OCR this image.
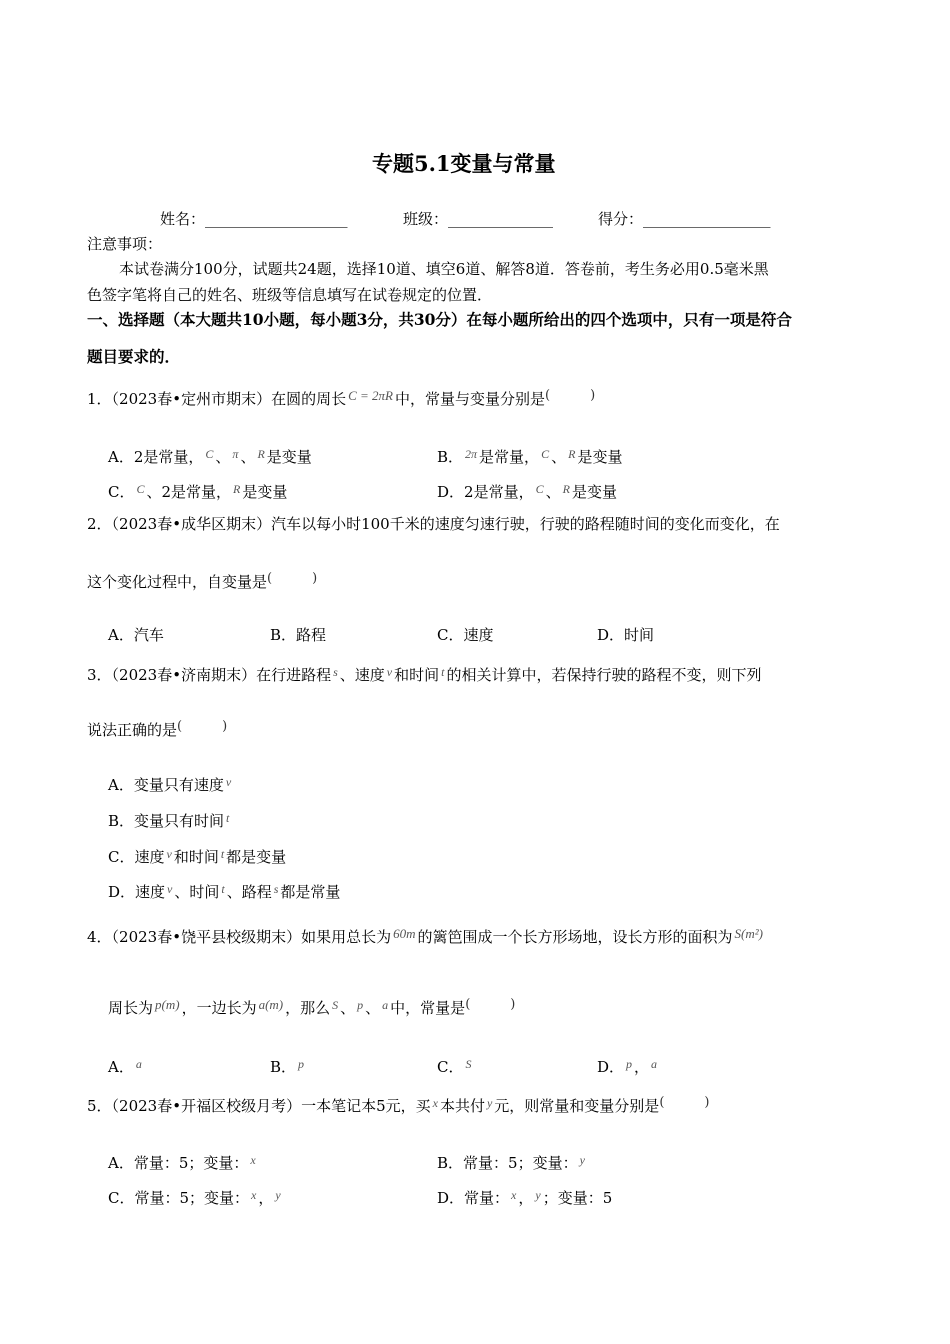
专题5.1变量与常量
姓名：___________________	班级：______________	得分：_________________
注意事项：
本试卷满分100分，试题共24题，选择10道、填空6道、解答8道．答卷前，考生务必用0.5毫米黑
色签字笔将自己的姓名、班级等信息填写在试卷规定的位置．
一、选择题（本大题共10小题，每小题3分，共30分）在每小题所给出的四个选项中，只有一项是符合
题目要求的．
1．（2023春•定州市期末）在圆的周长 C = 2πR 中，常量与变量分别是(	)
A．2是常量， $^C$ 、 $^\pi$ 、 $^R$ 是变量	B． $^{2\pi}$ 是常量， $^C$ 、 $^R$ 是变量
C． $^C$ 、2是常量， $^R$ 是变量	D．2是常量， $^C$ 、 $^R$ 是变量
2．（2023春•成华区期末）汽车以每小时100千米的速度匀速行驶，行驶的路程随时间的变化而变化，在
这个变化过程中，自变量是(	)
A．汽车	B．路程	C．速度	D．时间
3．（2023春•济南期末）在行进路程 $^s$ 、速度 $^v$ 和时间 $^t$ 的相关计算中，若保持行驶的路程不变，则下列
说法正确的是(	)
A．变量只有速度 $^v$
B．变量只有时间 $^t$
C．速度 $^v$ 和时间 $^t$ 都是变量
D．速度 $^v$ 、时间 $^t$ 、路程 $^s$ 都是常量
4．（2023春•饶平县校级期末）如果用总长为 60m 的篱笆围成一个长方形场地，设长方形的面积为 S(m²)
周长为 p(m) ，一边长为 a(m) ，那么 $^S$ 、 $^p$ 、 $^a$ 中，常量是(	)
A． $^a$	B． $^p$	C． $^S$	D． $^p$ ， $^a$
5．（2023春•开福区校级月考）一本笔记本5元，买 $^x$ 本共付 $^y$ 元，则常量和变量分别是(	)
A．常量：5；变量： $^x$	B．常量：5；变量： $^y$
C．常量：5；变量： $^x$ ， $^y$	D．常量： $^x$ ， $^y$ ；变量：5
